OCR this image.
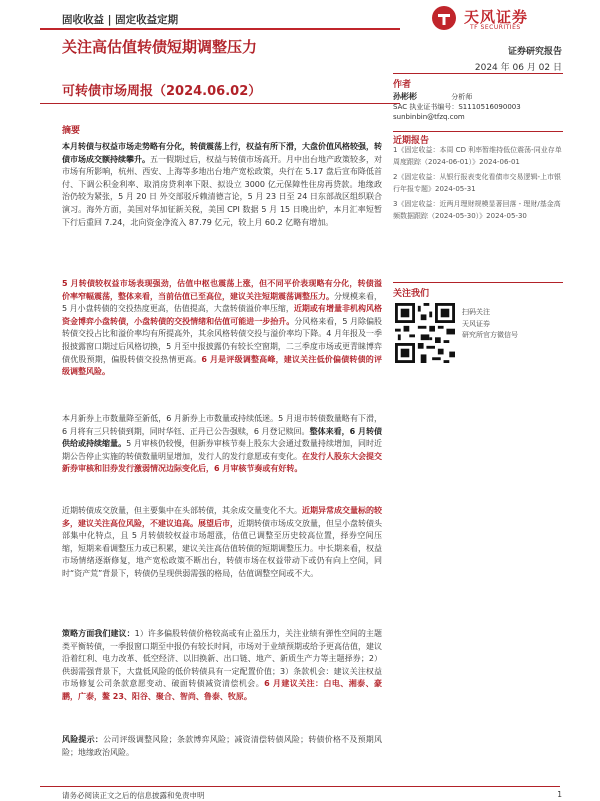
固收收益 | 固定收益定期	天风证券
TF SECURITIES
关注高估值转债短期调整压力	证券研究报告
2024 年 06 月 02 日
可转债市场周报（2024.06.02）	作者
孙彬彬	分析师
SAC 执业证书编号：S1110516090003
sunbinbin@tfzq.com
近期报告

1《固定收益：本周 CD 利率暂维持低位震荡-同业存单周度跟踪（2024-06-01）》2024-06-01

2《固定收益：从银行报表变化看债市交易逻辑-上市银行年报专题》2024-05-31

3《固定收益：近两月理财规模显著回落 - 理财/基金高频数据跟踪（2024-05-30）》2024-05-30

关注我们
扫码关注
天风证券
研究所官方微信号
摘要
本月转债与权益市场走势略有分化，转债震荡上行，权益有所下滑，大盘价值风格较强，转债市场成交额持续攀升。五一假期过后，权益与转债市场高开。月中出台地产政策较多，对市场有所影响，杭州、西安、上海等多地出台地产宽松政策，央行在 5.17 盘后宣布降低首付、下调公积金利率、取消房贷利率下限、拟设立 3000 亿元保障性住房再贷款。地缘政治仍较为紧张，5 月 20 日 外交部驳斥赖清德言论，5 月 23 日至 24 日东部战区组织联合演习。海外方面，美国对华加征新关税，美国 CPI 数据 5 月 15 日晚出炉，本月汇率短暂下行后重回 7.24，北向资金净流入 87.79 亿元，较上月 60.2 亿略有增加。
5 月转债较权益市场表现强劲，估值中枢也震荡上涨，但不同平价表现略有分化，转债溢价率窄幅震荡，整体来看，当前估值已至高位，建议关注短期震荡调整压力。分规模来看，5 月小盘转债的交投热度更高，估值提高，大盘转债溢价率压缩，近期或有增量非机构风格资金博弈小盘转债，小盘转债的交投情绪和估值可能进一步抬升。分风格来看，5 月除偏股转债交投占比和溢价率均有所提高外，其余风格转债交投与溢价率均下降。4 月年报及一季报披露窗口期过后风格切换，5 月至中报披露仍有较长空窗期，二三季度市场或更青睐博弈债优股预期，偏股转债交投热情更高。6 月是评级调整高峰，建议关注低价偏债转债的评级调整风险。
本月新券上市数量降至新低，6 月新券上市数量或持续低迷。5 月退市转债数量略有下滑，6 月将有三只转债到期，同时华钰、正丹已公告强赎，6 月登记赎回。整体来看，6 月转债供给或持续缩量。5 月审核仍较慢，但新券审核节奏上股东大会通过数量持续增加，同时近期公告停止实施的转债数量明显增加，发行人的发行意愿或有变化。在发行人股东大会提交新券审核和旧券发行激弱情况边际变化后，6 月审核节奏或有好转。
近期转债成交放量，但主要集中在头部转债，其余成交量变化不大。近期异常成交量标的较多，建议关注高位风险，不建议追高。展望后市，近期转债市场成交放量，但呈小盘转债头部集中化特点，且 5 月转债较权益市场超涨，估值已调整至历史较高位置，择券空间压缩，短期来看调整压力或已积累，建议关注高估值转债的短期调整压力。中长期来看，权益市场情绪逐渐修复，地产宽松政策不断出台，转债市场在权益带动下或仍有向上空间，同时“资产荒”背景下，转债仍呈现供弱需强的格局，估值调整空间或不大。
策略方面我们建议：1）许多偏股转债价格较高或有止盈压力，关注业绩有弹性空间的主题类平衡转债，一季报窗口期至中报仍有较长时间，市场对于业绩预期或给予更高估值，建议沿着红利、电力改革、低空经济、以旧换新、出口链、地产、新质生产力等主题择券；2）供弱需强背景下，大盘低风险的低价转债具有一定配置价值；3）条款机会：建议关注权益市场修复公司条款意愿变动、破面转债减资清偿机会。6 月建议关注：白电、湘泰、豪鹏，广泰，鳌 23、阳谷、聚合、智尚、鲁泰、牧原。
风险提示：公司评级调整风险；条款博弈风险；减资清偿转债风险；转债价格不及预期风险；地缘政治风险。
请务必阅读正文之后的信息披露和免责申明	1
